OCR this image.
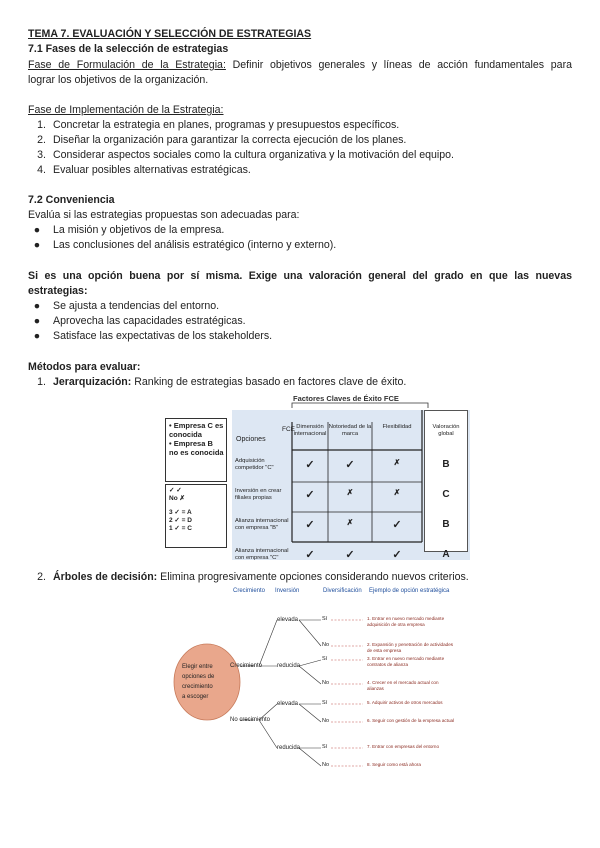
TEMA 7. EVALUACIÓN Y SELECCIÓN DE ESTRATEGIAS
7.1 Fases de la selección de estrategias
Fase de Formulación de la Estrategia: Definir objetivos generales y líneas de acción fundamentales para
lograr los objetivos de la organización.
Fase de Implementación de la Estrategia:
1. Concretar la estrategia en planes, programas y presupuestos específicos.
2. Diseñar la organización para garantizar la correcta ejecución de los planes.
3. Considerar aspectos sociales como la cultura organizativa y la motivación del equipo.
4. Evaluar posibles alternativas estratégicas.
7.2 Conveniencia
Evalúa si las estrategias propuestas son adecuadas para:
● La misión y objetivos de la empresa.
● Las conclusiones del análisis estratégico (interno y externo).
Si es una opción buena por sí misma. Exige una valoración general del grado en que las nuevas
estrategias:
● Se ajusta a tendencias del entorno.
● Aprovecha las capacidades estratégicas.
● Satisface las expectativas de los stakeholders.
Métodos para evaluar:
1. Jerarquización: Ranking de estrategias basado en factores clave de éxito.
Factores Claves de Éxito FCE
• Empresa C es conocida
• Empresa B no es conocida
✓ ✓
No ✗
3 ✓ = A
2 ✓ = D
1 ✓ = C
FCE
Opciones
Dimensión internacional
Notoriedad de la marca
Flexibilidad	Valoración global
Adquisición competidor "C"	✓	✓	✗	B
Inversión en crear filiales propias	✓	✗	✗	C
Alianza internacional con empresa "B"	✓	✗	✓	B
Alianza internacional con empresa "C"	✓	✓	✓	A
2. Árboles de decisión: Elimina progresivamente opciones considerando nuevos criterios.
Crecimiento Inversión	Diversificación Ejemplo de opción estratégica
Elegir entre
opciones de
crecimiento
a escoger
Crecimiento
No crecimiento
elevada
reducida
elevada
reducida
Sí	1. Entrar en nuevo mercado mediante adquisición de otra empresa
No	2. Expansión y penetración de actividades de esta empresa
Sí	3. Entrar en nuevo mercado mediante contratos de alianza
No	4. Crecer en el mercado actual con alianzas
Sí	5. Adquirir activos de otros mercados
No	6. Seguir con gestión de la empresa actual
Sí	7. Entrar con empresas del entorno
No	8. Seguir como está ahora
